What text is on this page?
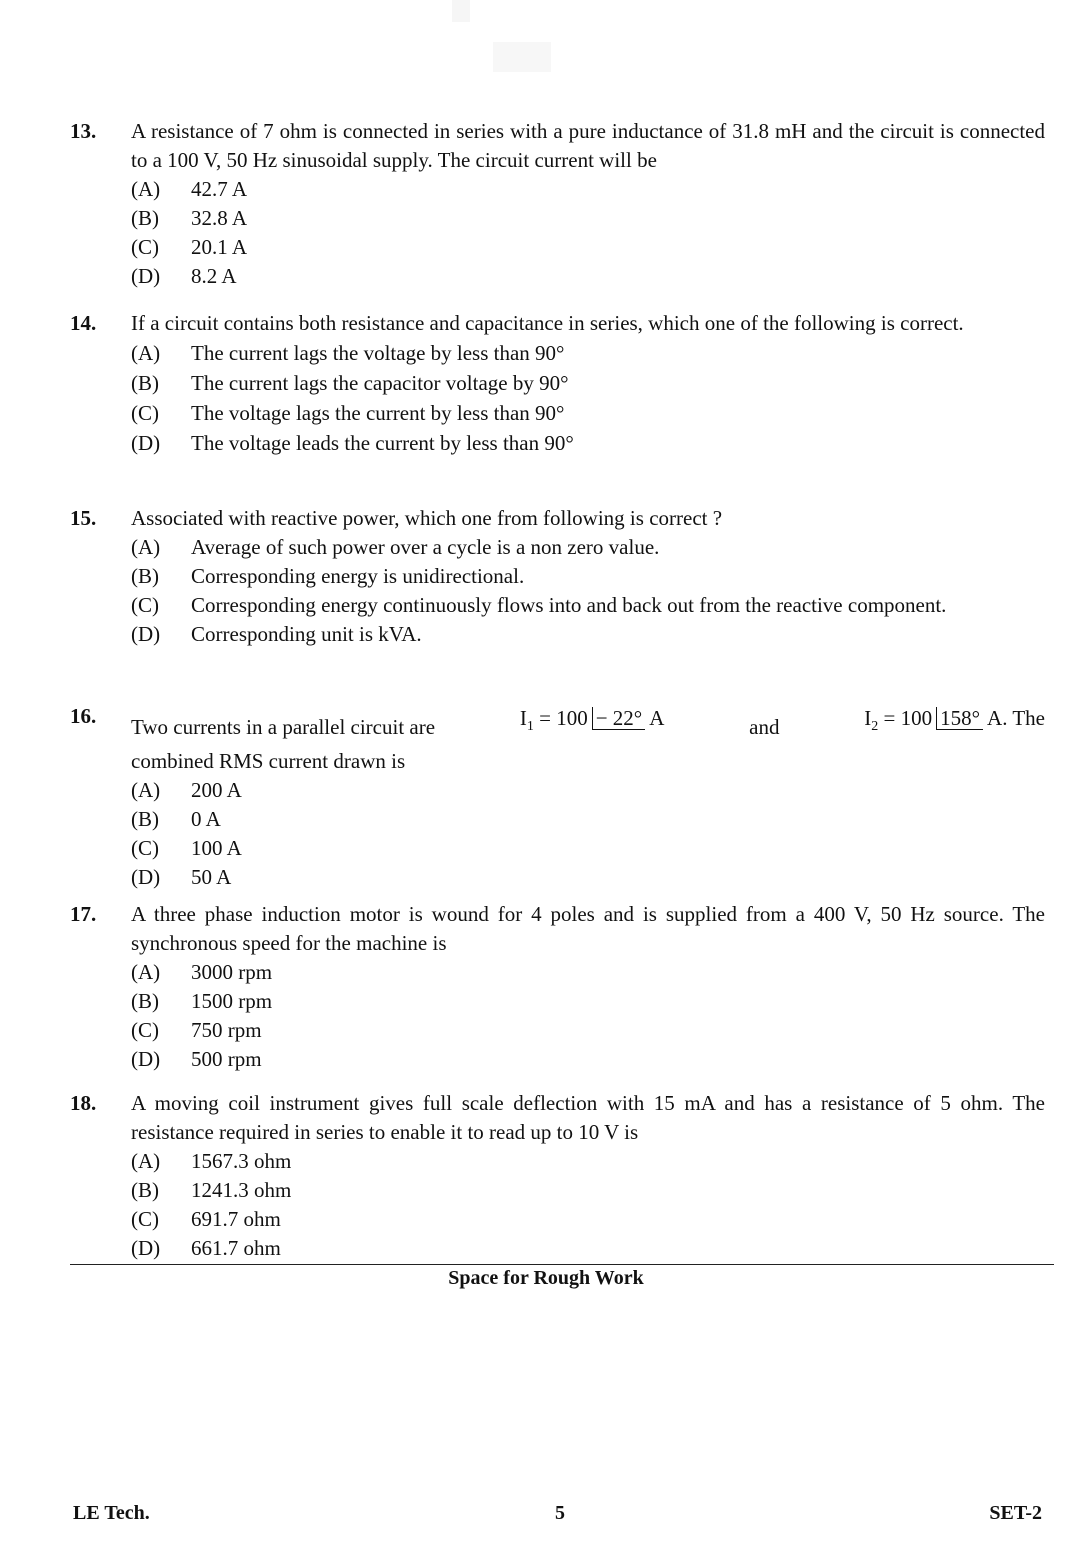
13. A resistance of 7 ohm is connected in series with a pure inductance of 31.8 mH and the circuit is connected to a 100 V, 50 Hz sinusoidal supply. The circuit current will be
(A)	42.7 A
(B)	32.8 A
(C)	20.1 A
(D)	8.2 A
14. If a circuit contains both resistance and capacitance in series, which one of the following is correct.
(A)	The current lags the voltage by less than 90°
(B)	The current lags the capacitor voltage by 90°
(C)	The voltage lags the current by less than 90°
(D)	The voltage leads the current by less than 90°
15. Associated with reactive power, which one from following is correct ?
(A)	Average of such power over a cycle is a non zero value.
(B)	Corresponding energy is unidirectional.
(C)	Corresponding energy continuously flows into and back out from the reactive component.
(D)	Corresponding unit is kVA.
16. Two currents in a parallel circuit are	$I_1 = 100 - 22^\circ$ A	and	$I_2 = 100$ 158° A. The
combined RMS current drawn is
(A)	200 A
(B)	0 A
(C)	100 A
(D)	50 A
17. A three phase induction motor is wound for 4 poles and is supplied from a 400 V, 50 Hz source. The synchronous speed for the machine is
(A)	3000 rpm
(B)	1500 rpm
(C)	750 rpm
(D)	500 rpm
18. A moving coil instrument gives full scale deflection with 15 mA and has a resistance of 5 ohm. The resistance required in series to enable it to read up to 10 V is
(A)	1567.3 ohm
(B)	1241.3 ohm
(C)	691.7 ohm
(D)	661.7 ohm
Space for Rough Work
LE Tech.	5	SET-2
